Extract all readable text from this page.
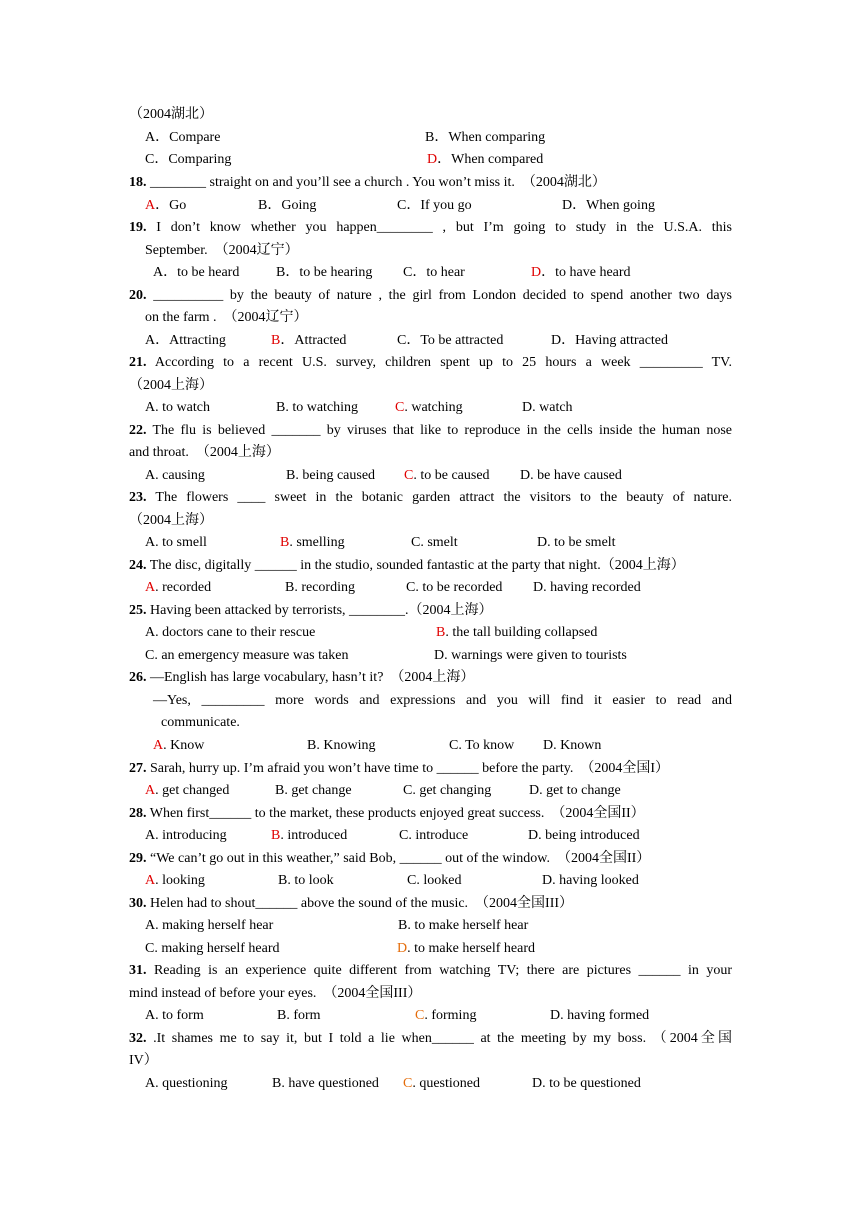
（2004湖北）
A．Compare	B．When comparing
C．Comparing	D．When compared
18. ________ straight on and you’ll see a church . You won’t miss it.  （2004湖北）
A．Go	B．Going	C．If you go	D．When going
19. I don’t know whether you happen________ , but I’m going to study in the U.S.A. this
September.  （2004辽宁）
A．to be heard	B．to be hearing C．to hear	D．to have heard
20. __________ by the beauty of nature , the girl from London decided to spend another two days
on the farm .  （2004辽宁）
A．Attracting	B．Attracted	C．To be attracted	D．Having attracted
21. According to a recent U.S. survey, children spent up to 25 hours a week _________ TV.
（2004上海）
A. to watch	B. to watching	C. watching	D. watch
22. The flu is believed _______ by viruses that like to reproduce in the cells inside the human nose
and throat.  （2004上海）
A. causing	B. being caused C. to be caused D. be have caused
23. The flowers ____ sweet in the botanic garden attract the visitors to the beauty of nature.
（2004上海）
A. to smell	B. smelling	C. smelt	D. to be smelt
24. The disc, digitally ______ in the studio, sounded fantastic at the party that night.（2004上海）
A. recorded	B. recording	C. to be recorded D. having recorded
25. Having been attacked by terrorists, ________.（2004上海）
A. doctors cane to their rescue	B. the tall building collapsed
C. an emergency measure was taken	D. warnings were given to tourists
26. —English has large vocabulary, hasn’t it?  （2004上海）
—Yes, _________ more words and expressions and you will find it easier to read and
communicate.
A. Know	B. Knowing	C. To know D. Known
27. Sarah, hurry up. I’m afraid you won’t have time to ______ before the party.  （2004全国I）
A. get changed	B. get change	C. get changing	D. get to change
28. When first______ to the market, these products enjoyed great success.  （2004全国II）
A. introducing	B. introduced	C. introduce	D. being introduced
29. “We can’t go out in this weather,” said Bob, ______ out of the window.  （2004全国II）
A. looking	B. to look	C. looked	D. having looked
30. Helen had to shout______ above the sound of the music.  （2004全国III）
A. making herself hear	B. to make herself hear
C. making herself heard	D. to make herself heard
31. Reading is an experience quite different from watching TV; there are pictures ______ in your
mind instead of before your eyes.  （2004全国III）
A. to form	B. form	C. forming	D. having formed
32. .It shames me to say it, but I told a lie when______ at the meeting by my boss. （2004全国
IV）
A. questioning	B. have questioned C. questioned	D. to be questioned
